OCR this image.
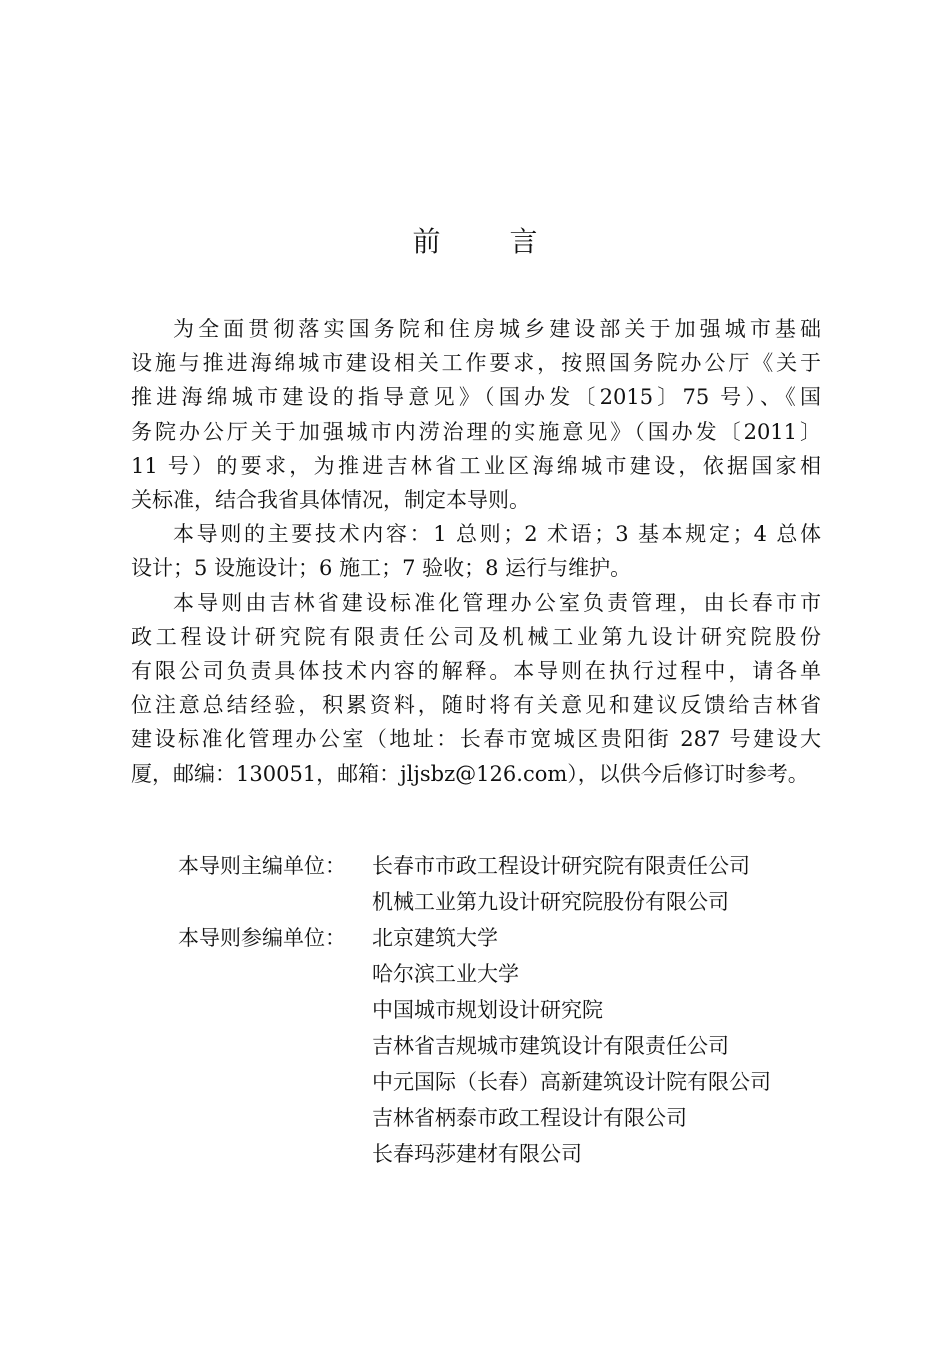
前 言

为全面贯彻落实国务院和住房城乡建设部关于加强城市基础
设施与推进海绵城市建设相关工作要求，按照国务院办公厅《关于
推进海绵城市建设的指导意见》（国办发〔2015〕75 号）、《国
务院办公厅关于加强城市内涝治理的实施意见》（国办发〔2011〕
11 号）的要求，为推进吉林省工业区海绵城市建设，依据国家相
关标准，结合我省具体情况，制定本导则。

本导则的主要技术内容：1 总则；2 术语；3 基本规定；4 总体
设计；5 设施设计；6 施工；7 验收；8 运行与维护。

本导则由吉林省建设标准化管理办公室负责管理，由长春市市
政工程设计研究院有限责任公司及机械工业第九设计研究院股份
有限公司负责具体技术内容的解释。本导则在执行过程中，请各单
位注意总结经验，积累资料，随时将有关意见和建议反馈给吉林省
建设标准化管理办公室（地址：长春市宽城区贵阳街 287 号建设大
厦，邮编：130051，邮箱：jljsbz@126.com），以供今后修订时参考。

本导则主编单位：	长春市市政工程设计研究院有限责任公司
机械工业第九设计研究院股份有限公司
本导则参编单位：	北京建筑大学
哈尔滨工业大学
中国城市规划设计研究院
吉林省吉规城市建筑设计有限责任公司
中元国际（长春）高新建筑设计院有限公司
吉林省柄泰市政工程设计有限公司
长春玛莎建材有限公司
